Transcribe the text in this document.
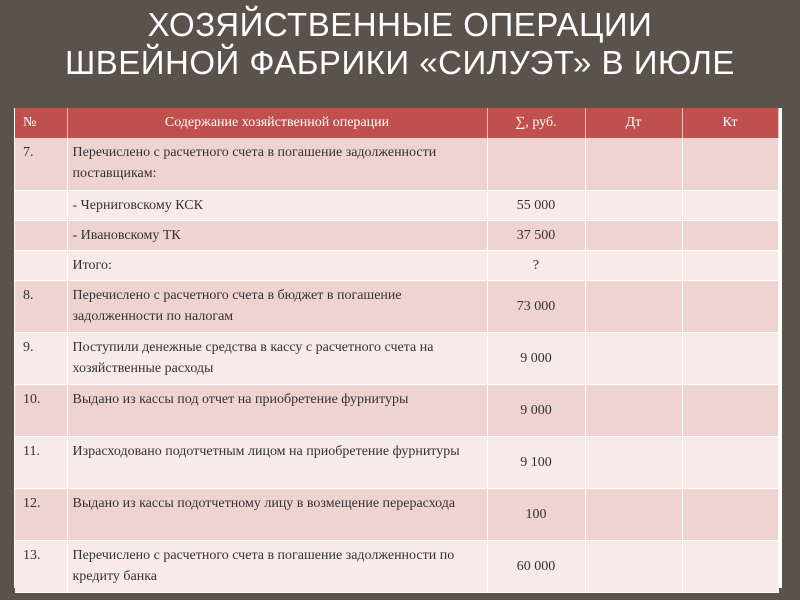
ХОЗЯЙСТВЕННЫЕ ОПЕРАЦИИ
ШВЕЙНОЙ ФАБРИКИ «СИЛУЭТ» В ИЮЛЕ
№	Содержание хозяйственной операции	∑, руб.	Дт	Кт
7.	Перечислено с расчетного счета в погашение задолженности поставщикам:			
	- Черниговскому КСК	55 000		
	- Ивановскому ТК	37 500		
	Итого:	?		
8.	Перечислено с расчетного счета в бюджет в погашение задолженности по налогам	73 000		
9.	Поступили денежные средства в кассу с расчетного счета на хозяйственные расходы	9 000		
10.	Выдано из кассы под отчет на приобретение фурнитуры	9 000		
11.	Израсходовано подотчетным лицом на приобретение фурнитуры	9 100		
12.	Выдано из кассы подотчетному лицу в возмещение перерасхода	100		
13.	Перечислено с расчетного счета в погашение задолженности по кредиту банка	60 000		
